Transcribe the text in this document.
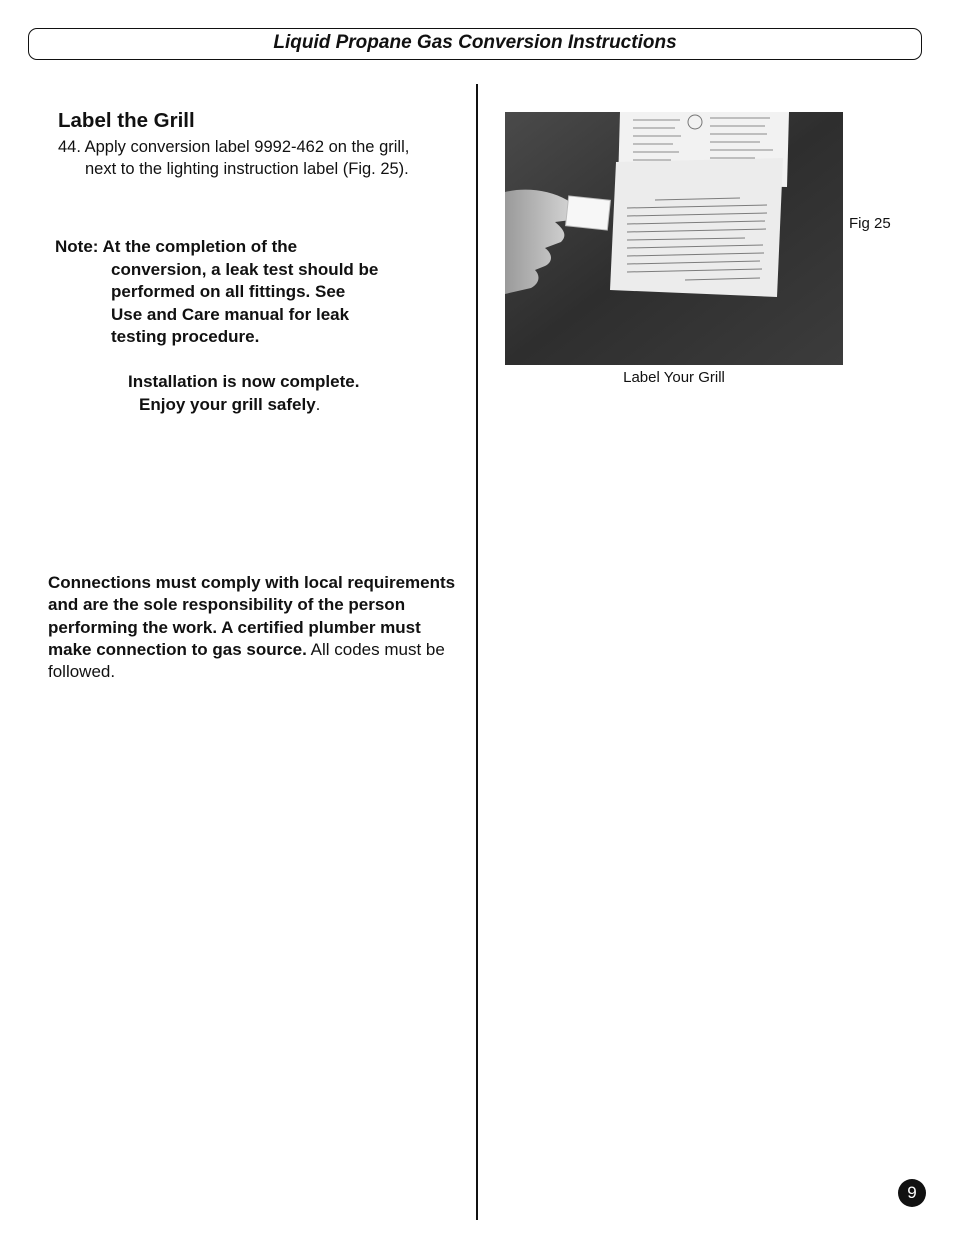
Liquid Propane Gas Conversion Instructions
Label the Grill
44. Apply conversion label 9992-462 on the grill,
next to the lighting instruction label (Fig. 25).
Note: At the completion of the
conversion, a leak test should be
performed on all fittings. See
Use and Care manual for leak
testing procedure.
Installation is now complete.
Enjoy your grill safely.
Connections must comply with local requirements and are the sole responsibility of the person performing the work. A certified plumber must make connection to gas source. All codes must be followed.
Fig 25
Label Your Grill
9
